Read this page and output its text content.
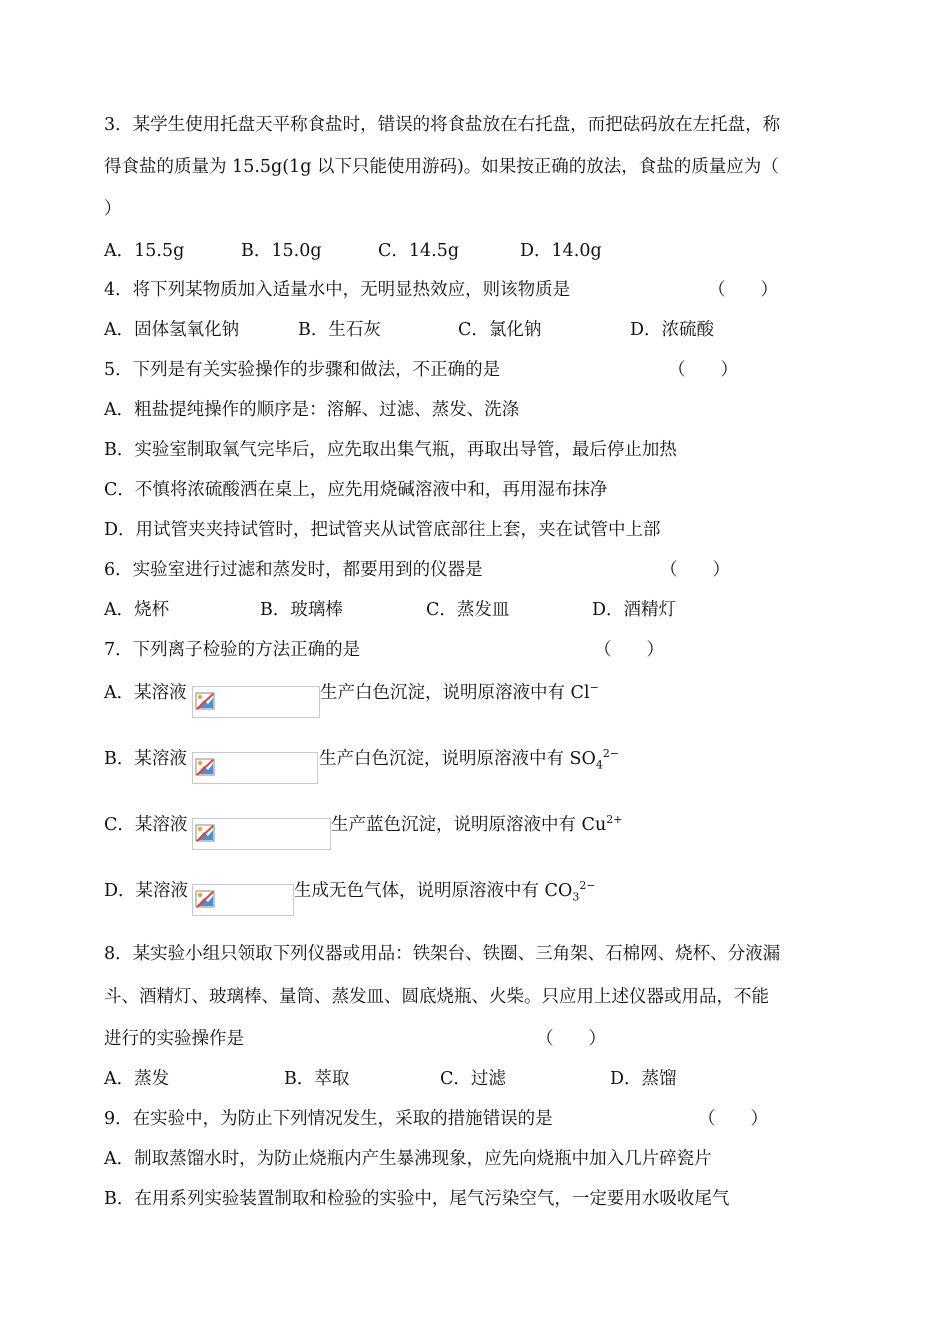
3．某学生使用托盘天平称食盐时，错误的将食盐放在右托盘，而把砝码放在左托盘，称
得食盐的质量为 15.5g(1g 以下只能使用游码)。如果按正确的放法，食盐的质量应为（
）
A．15.5g	B．15.0g	C．14.5g	D．14.0g
4．将下列某物质加入适量水中，无明显热效应，则该物质是	（　　）
A．固体氢氧化钠	B．生石灰	C．氯化钠	D．浓硫酸
5．下列是有关实验操作的步骤和做法，不正确的是	（　　）
A．粗盐提纯操作的顺序是：溶解、过滤、蒸发、洗涤
B．实验室制取氧气完毕后，应先取出集气瓶，再取出导管，最后停止加热
C．不慎将浓硫酸洒在桌上，应先用烧碱溶液中和，再用湿布抹净
D．用试管夹夹持试管时，把试管夹从试管底部往上套，夹在试管中上部
6．实验室进行过滤和蒸发时，都要用到的仪器是	（　　）
A．烧杯	B．玻璃棒	C．蒸发皿	D．酒精灯
7．下列离子检验的方法正确的是	（　　）
A．某溶液	生产白色沉淀，说明原溶液中有 Cl−
B．某溶液	生产白色沉淀，说明原溶液中有 $SO_4^{2-}$
C．某溶液	生产蓝色沉淀，说明原溶液中有 $Cu^{2+}$
D．某溶液	生成无色气体，说明原溶液中有 $CO_3^{2-}$
8．某实验小组只领取下列仪器或用品：铁架台、铁圈、三角架、石棉网、烧杯、分液漏
斗、酒精灯、玻璃棒、量筒、蒸发皿、圆底烧瓶、火柴。只应用上述仪器或用品，不能
进行的实验操作是	（　　）
A．蒸发	B．萃取	C．过滤	D．蒸馏
9．在实验中，为防止下列情况发生，采取的措施错误的是	（　　）
A．制取蒸馏水时，为防止烧瓶内产生暴沸现象，应先向烧瓶中加入几片碎瓷片
B．在用系列实验装置制取和检验的实验中，尾气污染空气，一定要用水吸收尾气
